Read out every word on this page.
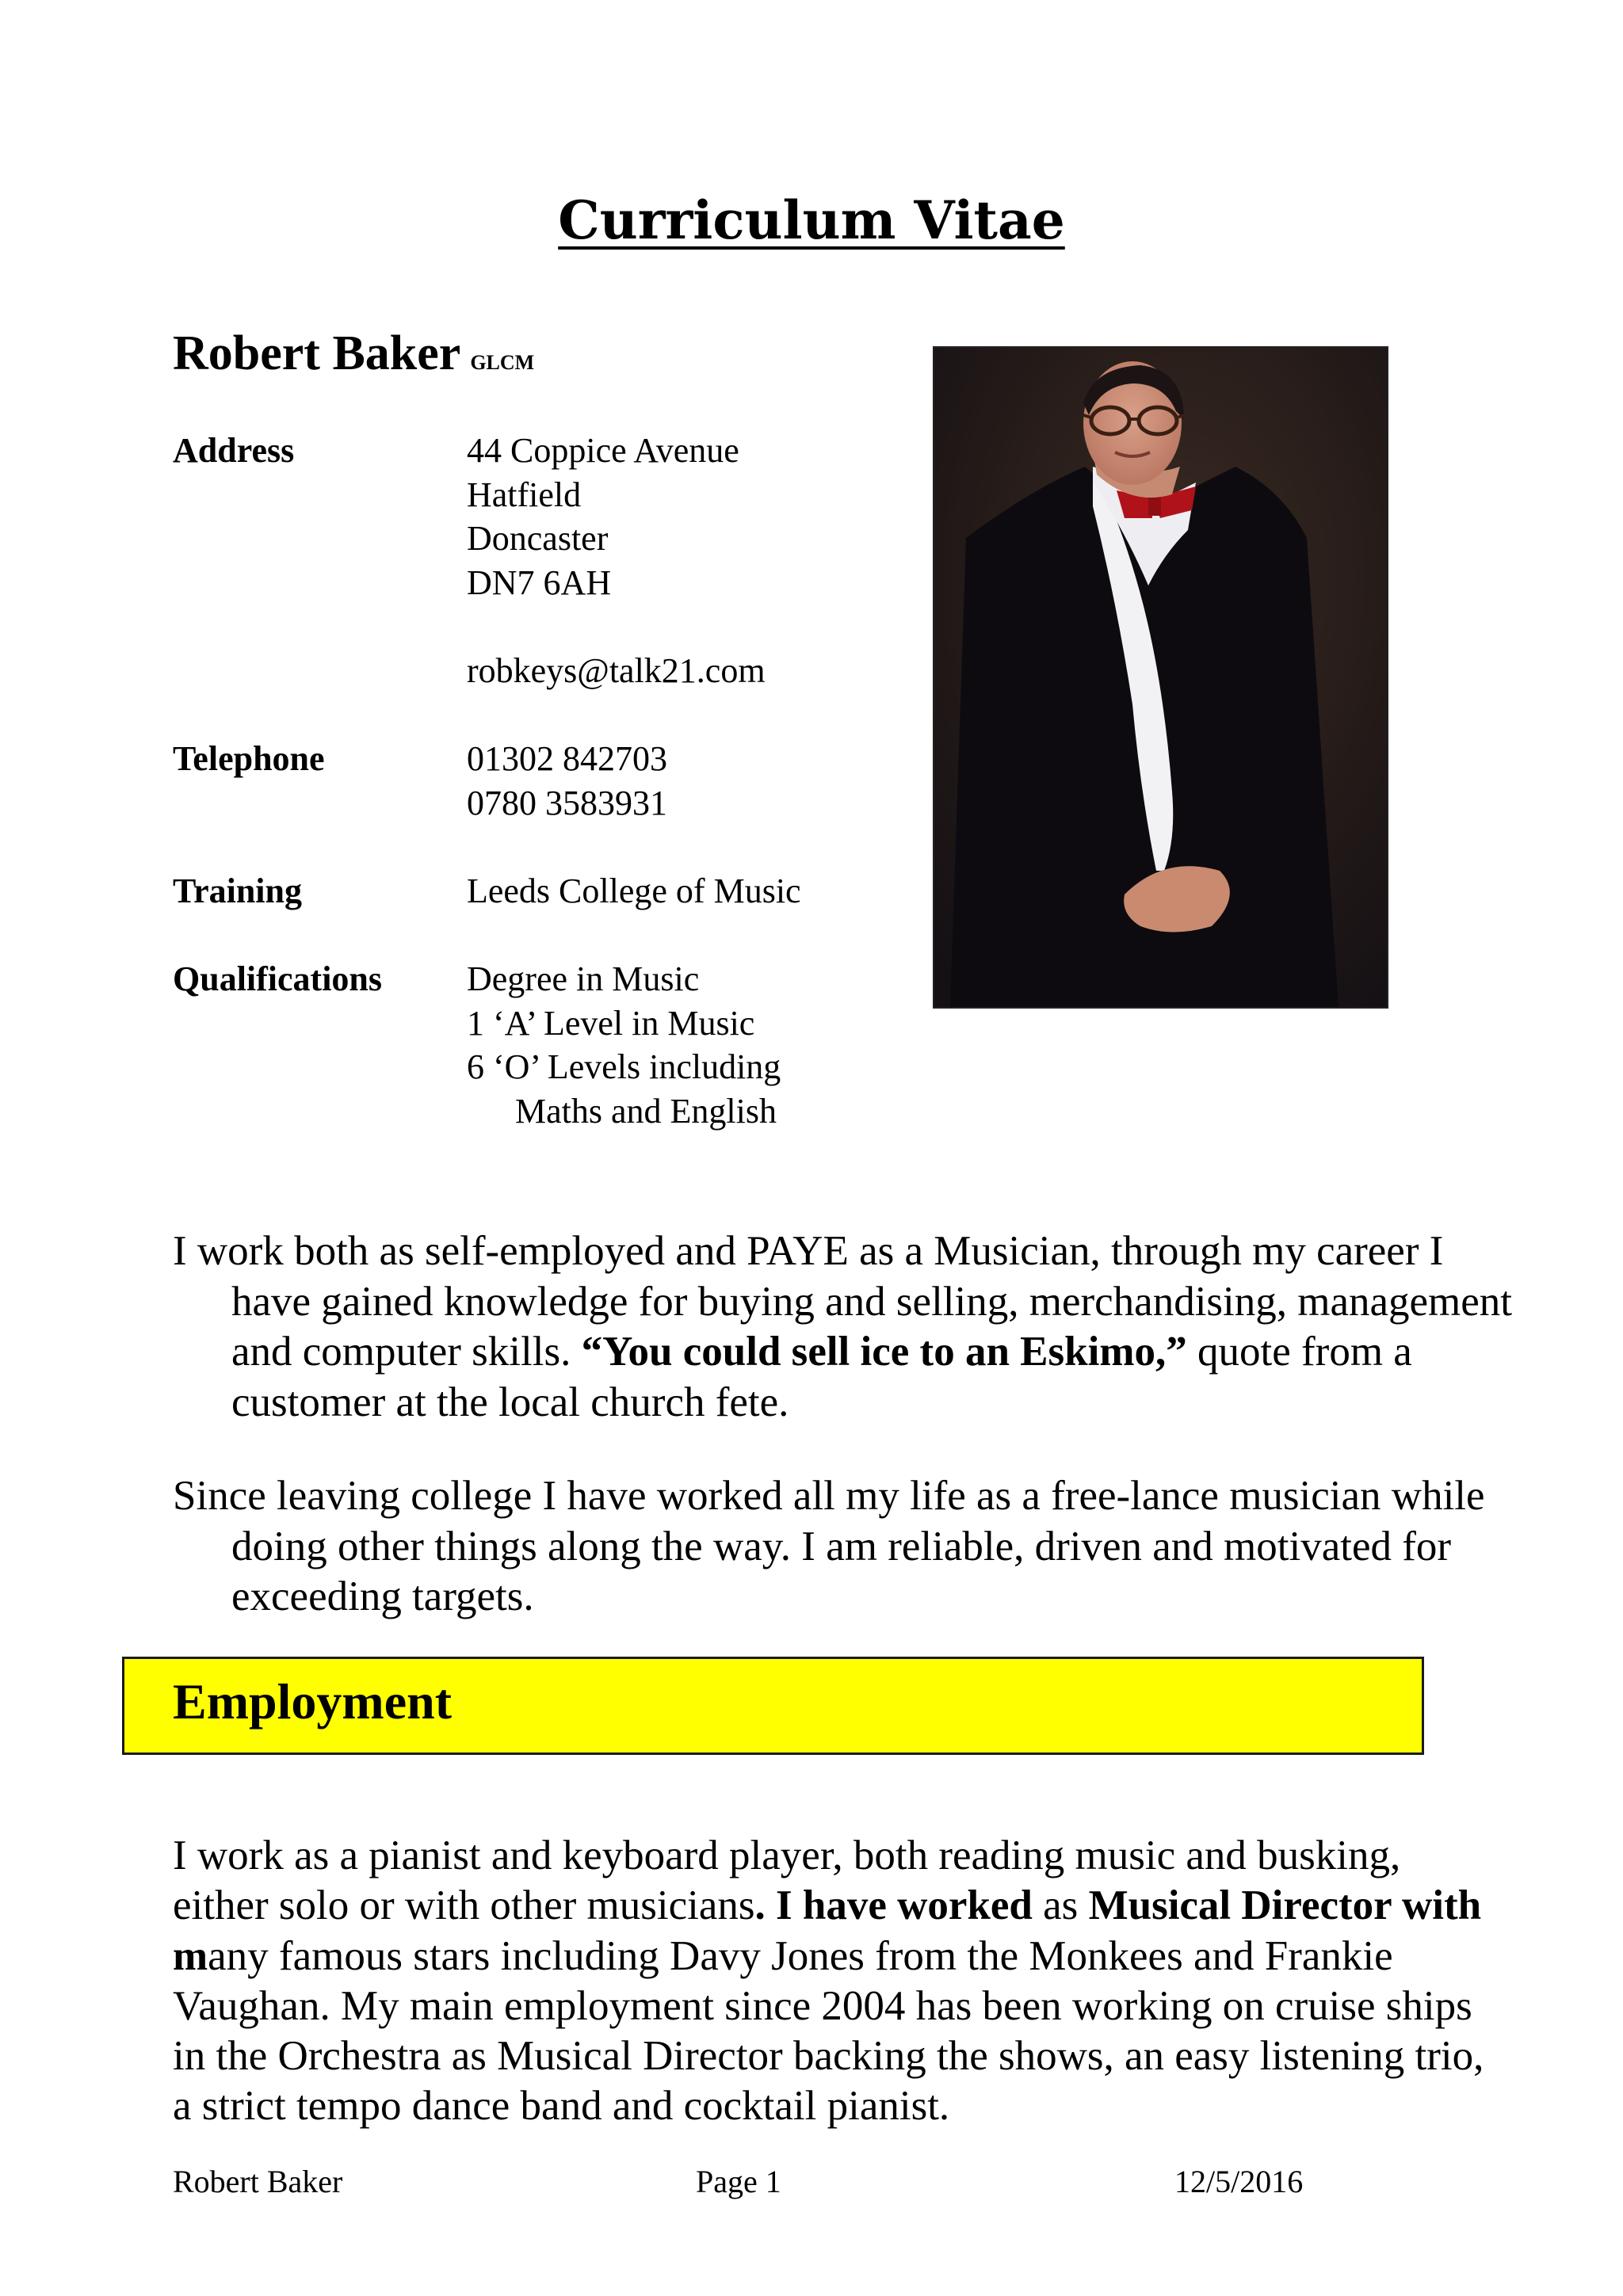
Curriculum Vitae
Robert Baker GLCM
Address	44 Coppice Avenue
Hatfield
Doncaster
DN7 6AH
robkeys@talk21.com
Telephone	01302 842703
0780 3583931
Training	Leeds College of Music
Qualifications Degree in Music
1 ‘A’ Level in Music
6 ‘O’ Levels including
Maths and English
I work both as self-employed and PAYE as a Musician, through my career I have gained knowledge for buying and selling, merchandising, management and computer skills. “You could sell ice to an Eskimo,” quote from a customer at the local church fete.
Since leaving college I have worked all my life as a free-lance musician while doing other things along the way. I am reliable, driven and motivated for exceeding targets.
Employment
I work as a pianist and keyboard player, both reading music and busking, either solo or with other musicians. I have worked as Musical Director with many famous stars including Davy Jones from the Monkees and Frankie Vaughan. My main employment since 2004 has been working on cruise ships in the Orchestra as Musical Director backing the shows, an easy listening trio, a strict tempo dance band and cocktail pianist.
Robert Baker	Page 1	12/5/2016
